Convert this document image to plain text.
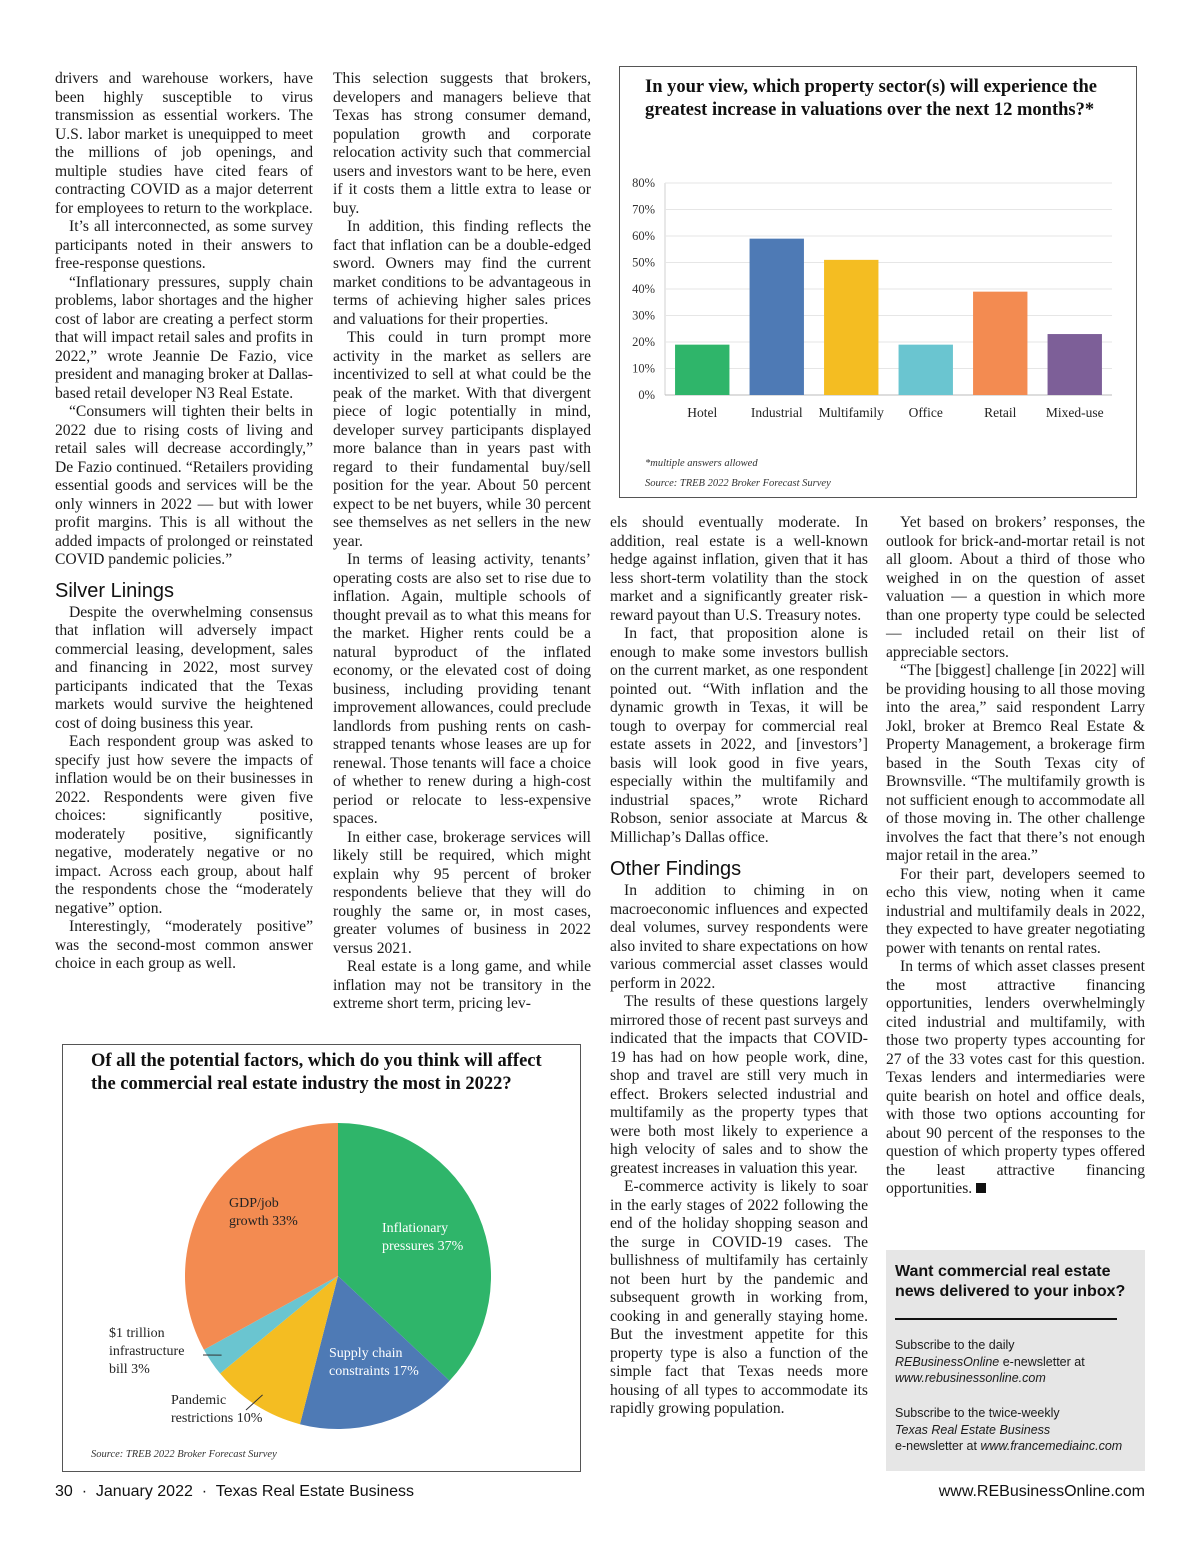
drivers and warehouse workers, have been highly susceptible to virus transmission as essential workers. The U.S. labor market is unequipped to meet the millions of job openings, and multiple studies have cited fears of contracting COVID as a major deterrent for employees to return to the workplace.

It’s all interconnected, as some survey participants noted in their answers to free-response questions.

“Inflationary pressures, supply chain problems, labor shortages and the higher cost of labor are creating a perfect storm that will impact retail sales and profits in 2022,” wrote Jeannie De Fazio, vice president and managing broker at Dallas-based retail developer N3 Real Estate.

“Consumers will tighten their belts in 2022 due to rising costs of living and retail sales will decrease accordingly,” De Fazio continued. “Retailers providing essential goods and services will be the only winners in 2022 — but with lower profit margins. This is all without the added impacts of prolonged or reinstated COVID pandemic policies.”

Silver Linings

Despite the overwhelming consensus that inflation will adversely impact commercial leasing, development, sales and financing in 2022, most survey participants indicated that the Texas markets would survive the heightened cost of doing business this year.

Each respondent group was asked to specify just how severe the impacts of inflation would be on their businesses in 2022. Respondents were given five choices: significantly positive, moderately positive, significantly negative, moderately negative or no impact. Across each group, about half the respondents chose the “moderately negative” option.

Interestingly, “moderately positive” was the second-most common answer choice in each group as well.

This selection suggests that brokers, developers and managers believe that Texas has strong consumer demand, population growth and corporate relocation activity such that commercial users and investors want to be here, even if it costs them a little extra to lease or buy.

In addition, this finding reflects the fact that inflation can be a double-edged sword. Owners may find the current market conditions to be advantageous in terms of achieving higher sales prices and valuations for their properties.

This could in turn prompt more activity in the market as sellers are incentivized to sell at what could be the peak of the market. With that divergent piece of logic potentially in mind, developer survey participants displayed more balance than in years past with regard to their fundamental buy/sell position for the year. About 50 percent expect to be net buyers, while 30 percent see themselves as net sellers in the new year.

In terms of leasing activity, tenants’ operating costs are also set to rise due to inflation. Again, multiple schools of thought prevail as to what this means for the market. Higher rents could be a natural byproduct of the inflated economy, or the elevated cost of doing business, including providing tenant improvement allowances, could preclude landlords from pushing rents on cash-strapped tenants whose leases are up for renewal. Those tenants will face a choice of whether to renew during a high-cost period or relocate to less-expensive spaces.

In either case, brokerage services will likely still be required, which might explain why 95 percent of broker respondents believe that they will do roughly the same or, in most cases, greater volumes of business in 2022 versus 2021.

Real estate is a long game, and while inflation may not be transitory in the extreme short term, pricing lev-

els should eventually moderate. In addition, real estate is a well-known hedge against inflation, given that it has less short-term volatility than the stock market and a significantly greater risk-reward payout than U.S. Treasury notes.

In fact, that proposition alone is enough to make some investors bullish on the current market, as one respondent pointed out. “With inflation and the dynamic growth in Texas, it will be tough to overpay for commercial real estate assets in 2022, and [investors’] basis will look good in five years, especially within the multifamily and industrial spaces,” wrote Richard Robson, senior associate at Marcus & Millichap’s Dallas office.

Other Findings

In addition to chiming in on macroeconomic influences and expected deal volumes, survey respondents were also invited to share expectations on how various commercial asset classes would perform in 2022.

The results of these questions largely mirrored those of recent past surveys and indicated that the impacts that COVID-19 has had on how people work, dine, shop and travel are still very much in effect. Brokers selected industrial and multifamily as the property types that were both most likely to experience a high velocity of sales and to show the greatest increases in valuation this year.

E-commerce activity is likely to soar in the early stages of 2022 following the end of the holiday shopping season and the surge in COVID-19 cases. The bullishness of multifamily has certainly not been hurt by the pandemic and subsequent growth in working from, cooking in and generally staying home. But the investment appetite for this property type is also a function of the simple fact that Texas needs more housing of all types to accommodate its rapidly growing population.

Yet based on brokers’ responses, the outlook for brick-and-mortar retail is not all gloom. About a third of those who weighed in on the question of asset valuation — a question in which more than one property type could be selected — included retail on their list of appreciable sectors.

“The [biggest] challenge [in 2022] will be providing housing to all those moving into the area,” said respondent Larry Jokl, broker at Bremco Real Estate & Property Management, a brokerage firm based in the South Texas city of Brownsville. “The multifamily growth is not sufficient enough to accommodate all of those moving in. The other challenge involves the fact that there’s not enough major retail in the area.”

For their part, developers seemed to echo this view, noting when it came industrial and multifamily deals in 2022, they expected to have greater negotiating power with tenants on rental rates.

In terms of which asset classes present the most attractive financing opportunities, lenders overwhelmingly cited industrial and multifamily, with those two property types accounting for 27 of the 33 votes cast for this question. Texas lenders and intermediaries were quite bearish on hotel and office deals, with those two options accounting for about 90 percent of the responses to the question of which property types offered the least attractive financing opportunities.

In your view, which property sector(s) will experience the greatest increase in valuations over the next 12 months?*

0%
10%
20%
30%
40%
50%
60%
70%
80%
Hotel Industrial Multifamily Office	Retail Mixed-use
*multiple answers allowed
Source: TREB 2022 Broker Forecast Survey

Of all the potential factors, which do you think will affect the commercial real estate industry the most in 2022?

Inflationary
pressures 37%
Supply chain
constraints 17%
Pandemic
restrictions 10%
$1 trillion
infrastructure
bill 3%
GDP/job
growth 33%
Source: TREB 2022 Broker Forecast Survey
Want commercial real estate news delivered to your inbox?
Subscribe to the daily
REBusinessOnline e-newsletter at
www.rebusinessonline.com
Subscribe to the twice-weekly
Texas Real Estate Business
e-newsletter at www.francemediainc.com
30  ·  January 2022  ·  Texas Real Estate Business	www.REBusinessOnline.com
